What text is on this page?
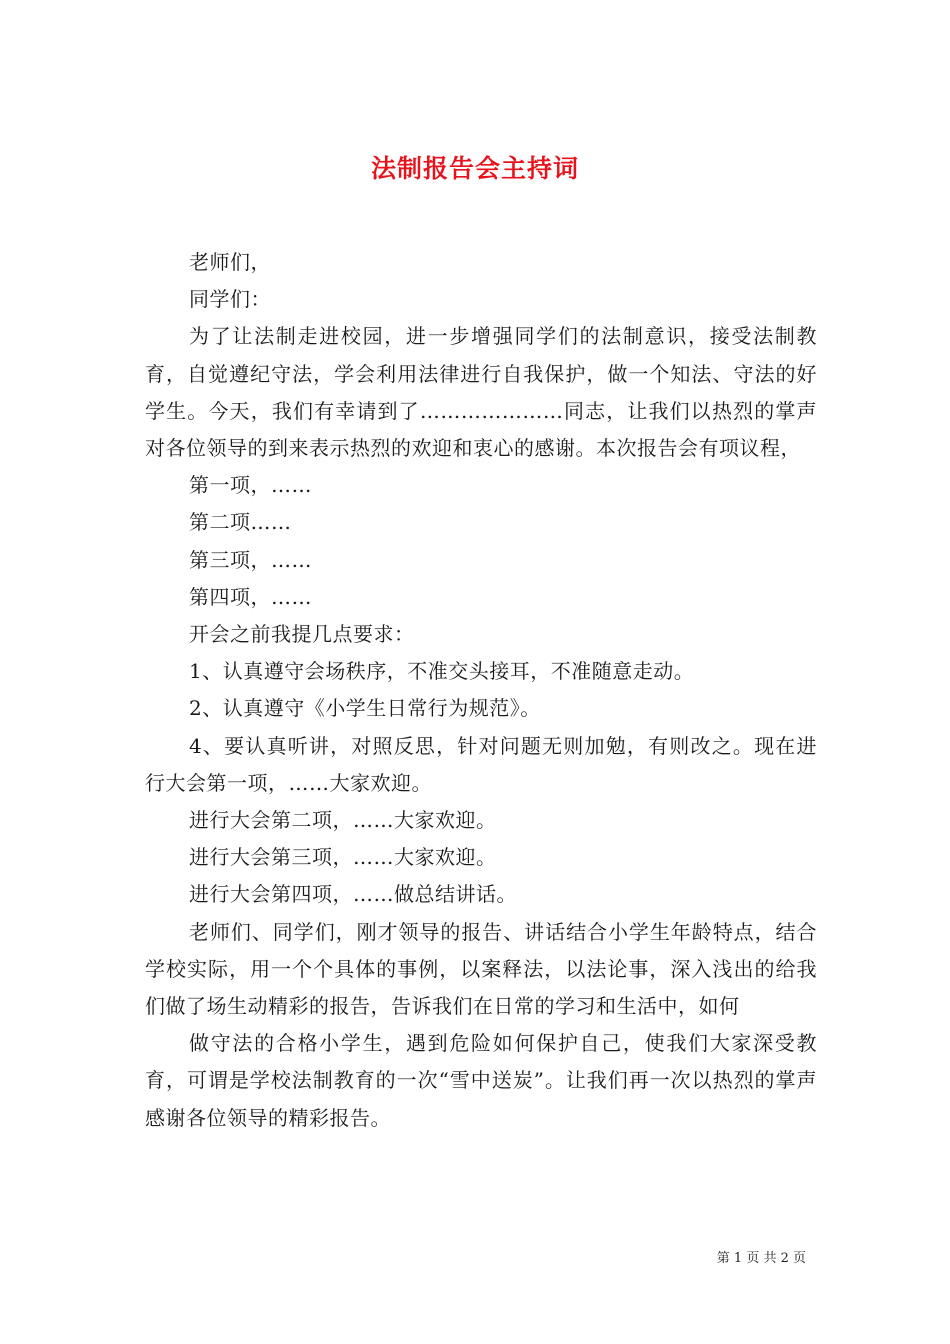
法制报告会主持词

老师们，

同学们：

为了让法制走进校园，进一步增强同学们的法制意识，接受法制教育，自觉遵纪守法，学会利用法律进行自我保护，做一个知法、守法的好学生。今天，我们有幸请到了…………………同志，让我们以热烈的掌声对各位领导的到来表示热烈的欢迎和衷心的感谢。本次报告会有项议程，

第一项，……

第二项……

第三项，……

第四项，……

开会之前我提几点要求：

1、认真遵守会场秩序，不准交头接耳，不准随意走动。

2、认真遵守《小学生日常行为规范》。

4、要认真听讲，对照反思，针对问题无则加勉，有则改之。现在进行大会第一项，……大家欢迎。

进行大会第二项，……大家欢迎。

进行大会第三项，……大家欢迎。

进行大会第四项，……做总结讲话。

老师们、同学们，刚才领导的报告、讲话结合小学生年龄特点，结合学校实际，用一个个具体的事例，以案释法，以法论事，深入浅出的给我们做了场生动精彩的报告，告诉我们在日常的学习和生活中，如何

做守法的合格小学生，遇到危险如何保护自己，使我们大家深受教育，可谓是学校法制教育的一次“雪中送炭”。让我们再一次以热烈的掌声感谢各位领导的精彩报告。

第 1 页 共 2 页
